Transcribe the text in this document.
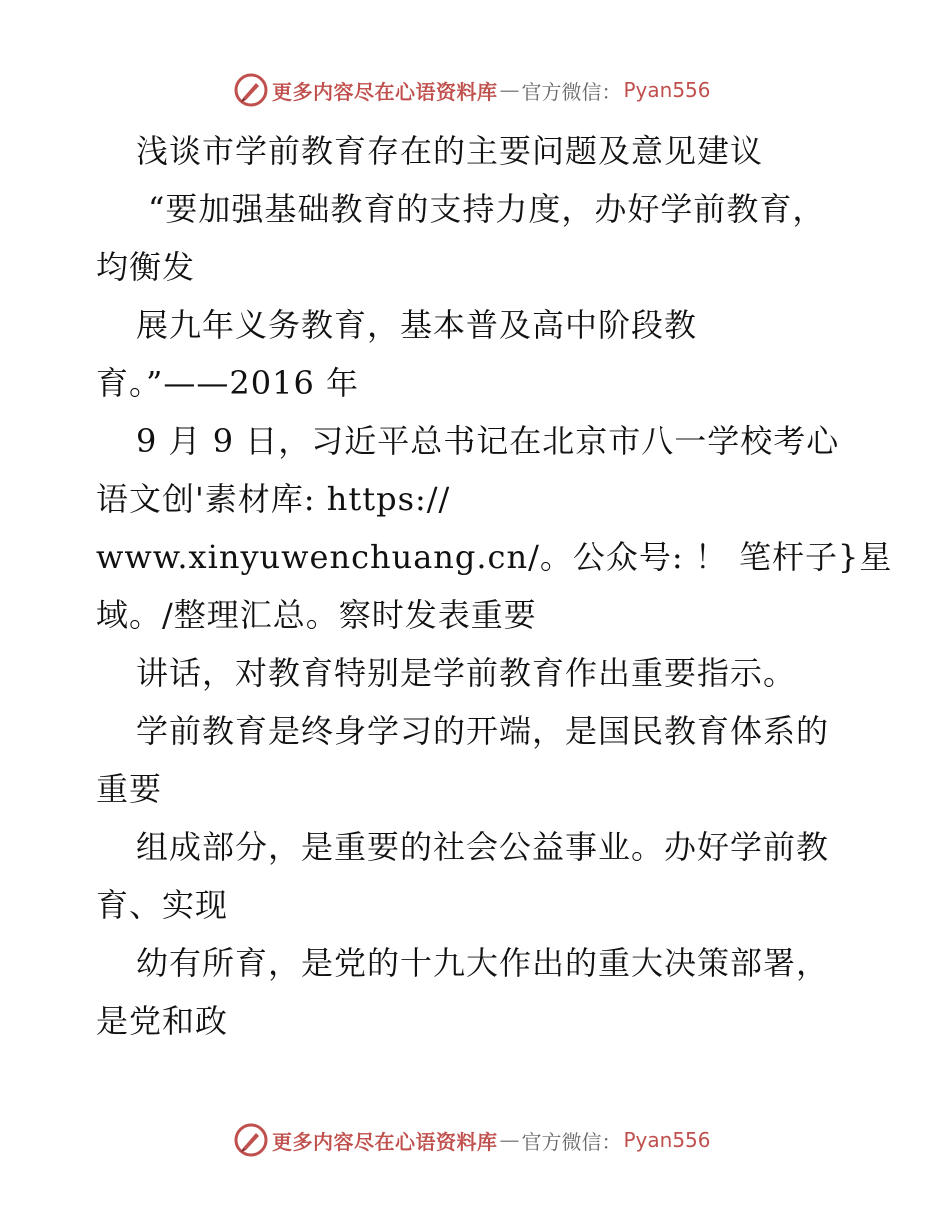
更多内容尽在心语资料库 — 官方微信： Pyan556
浅谈市学前教育存在的主要问题及意见建议
“要加强基础教育的支持力度，办好学前教育，
均衡发
展九年义务教育，基本普及高中阶段教
育。”——2016 年
9 月 9 日，习近平总书记在北京市八一学校考心
语文创'素材库: https://
www.xinyuwenchuang.cn/。公众号: ！ 笔杆子}星
域。/整理汇总。察时发表重要
讲话，对教育特别是学前教育作出重要指示。
学前教育是终身学习的开端，是国民教育体系的
重要
组成部分，是重要的社会公益事业。办好学前教
育、实现
幼有所育，是党的十九大作出的重大决策部署，
是党和政
更多内容尽在心语资料库 — 官方微信： Pyan556
